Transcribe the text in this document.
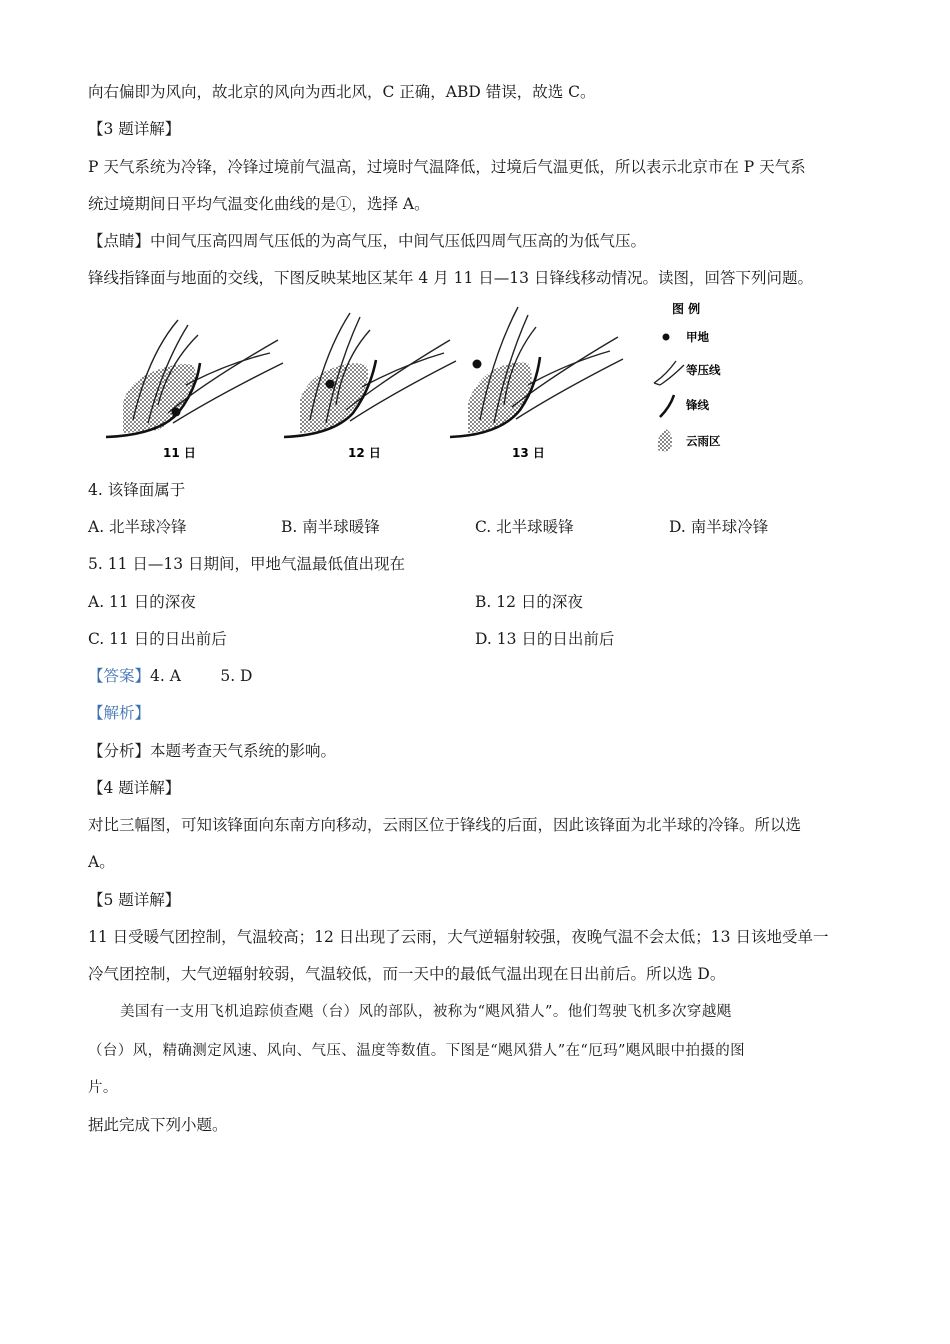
向右偏即为风向，故北京的风向为西北风，C 正确，ABD 错误，故选 C。
【3 题详解】
P 天气系统为冷锋，冷锋过境前气温高，过境时气温降低，过境后气温更低，所以表示北京市在 P 天气系
统过境期间日平均气温变化曲线的是①，选择 A。
【点睛】中间气压高四周气压低的为高气压，中间气压低四周气压高的为低气压。
锋线指锋面与地面的交线，下图反映某地区某年 4 月 11 日—13 日锋线移动情况。读图，回答下列问题。
11 日	12 日	13 日
图 例
甲地
等压线
锋线
云雨区
4. 该锋面属于
A. 北半球冷锋	B. 南半球暖锋	C. 北半球暖锋	D. 南半球冷锋
5. 11 日—13 日期间，甲地气温最低值出现在
A. 11 日的深夜	B. 12 日的深夜
C. 11 日的日出前后	D. 13 日的日出前后
【答案】4. A        5. D
【解析】
【分析】本题考查天气系统的影响。
【4 题详解】
对比三幅图，可知该锋面向东南方向移动，云雨区位于锋线的后面，因此该锋面为北半球的冷锋。所以选
A。
【5 题详解】
11 日受暖气团控制，气温较高；12 日出现了云雨，大气逆辐射较强，夜晚气温不会太低；13 日该地受单一
冷气团控制，大气逆辐射较弱，气温较低，而一天中的最低气温出现在日出前后。所以选 D。
美国有一支用飞机追踪侦查飓（台）风的部队，被称为“飓风猎人”。他们驾驶飞机多次穿越飓
（台）风，精确测定风速、风向、气压、温度等数值。下图是“飓风猎人”在“厄玛”飓风眼中拍摄的图
片。
据此完成下列小题。
